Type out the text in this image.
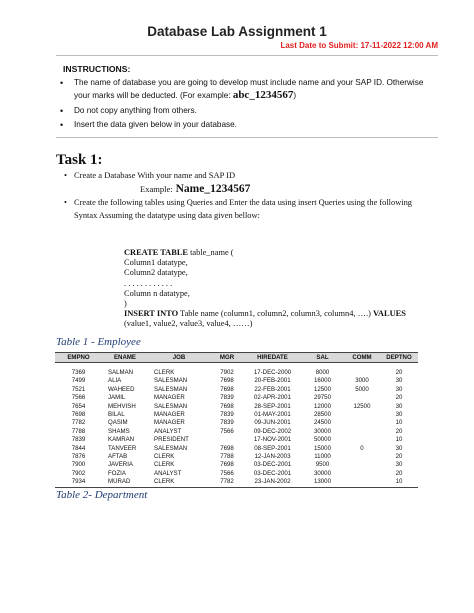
Database Lab Assignment 1
Last Date to Submit: 17-11-2022 12:00 AM
INSTRUCTIONS:
• The name of database you are going to develop must include name and your SAP ID. Otherwise your marks will be deducted. (For example: abc_1234567)
• Do not copy anything from others.
• Insert the data given below in your database.
Task 1:
• Create a Database With your name and SAP ID
Example: Name_1234567
• Create the following tables using Queries and Enter the data using insert Queries using the following Syntax Assuming the datatype using data given bellow:
CREATE TABLE table_name (
Column1 datatype,
Column2 datatype,
. . . . . . . . . . . .
Column n datatype,
)
INSERT INTO Table name (column1, column2, column3, column4, ….) VALUES
(value1, value2, value3, value4, ……)
Table 1 - Employee
EMPNO	ENAME	JOB	MGR	HIREDATE	SAL	COMM	DEPTNO

7369	SALMAN	CLERK	7902	17-DEC-2000	8000		20
7499	ALIA	SALESMAN	7698	20-FEB-2001	16000	3000	30
7521	WAHEED	SALESMAN	7698	22-FEB-2001	12500	5000	30
7566	JAMIL	MANAGER	7839	02-APR-2001	29750		20
7654	MEHVISH	SALESMAN	7698	28-SEP-2001	12000	12500	30
7698	BILAL	MANAGER	7839	01-MAY-2001	28500		30
7782	QASIM	MANAGER	7839	09-JUN-2001	24500		10
7788	SHAMS	ANALYST	7566	09-DEC-2002	30000		20
7839	KAMRAN	PRESIDENT		17-NOV-2001	50000		10
7844	TANVEER	SALESMAN	7698	08-SEP-2001	15000	0	30
7876	AFTAB	CLERK	7788	12-JAN-2003	11000		20
7900	JAVERIA	CLERK	7698	03-DEC-2001	9500		30
7902	FOZIA	ANALYST	7566	03-DEC-2001	30000		20
7934	MURAD	CLERK	7782	23-JAN-2002	13000		10
Table 2- Department
